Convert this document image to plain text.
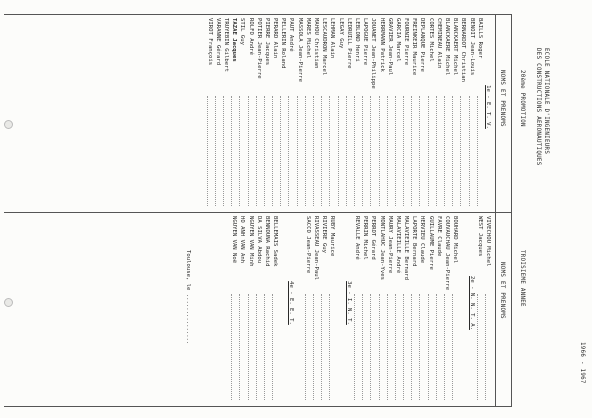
ECOLE NATIONALE D'INGENIEURS
DES CONSTRUCTIONS AERONAUTIQUES
20ème PROMOTION
TROISIEME ANNEE
1966 - 1967
NOMS ET PRENOMS
NOMS ET PRENOMS
1e - E. T. V.
BAILLS Roger
BENOIT Jean-Louis
BERNARDOT Christian
BLANCKAERT Michel
BLANCKAERE Michel
CHEMINEAU Alain
CORTES Michel
DEPLANQUE Pierre
FREINKEIR Maurice
FOURNIE Pierre
GARCIA Marcel
GRAVIER Jean-Paul
HERRMANN Patrick
JOUANET Jean-Philippe
LAPOGUE Pierre
LEBLOND Henri
LEDRUILL Pierre
LEGAY Guy
LEHMAN Alain
LESCAUDRON Marcel
MAHOU Christian
MARES Michel
MASSOLA Jean-Pierre
PAUT André
PELLERIN Roland
PERARD Alain
PIERRE Jacques
POTIER Jean-Pierre
ROLFO André
STIL Guy
TAZAE Jacques
TRUYEBIN Gilbert
VARANNE Gérard
VIROT François
VIVECHOU Michel
WEST Jacques
2e - N. N. T. A.
BOUHARD Michel
COUVAUCHAU Jean-Pierre
FAVRE Claude
GUILLAUME Pierre
HERVIEU Claude
LAPORTE Bernard
MALAVIEILLE Bernard
MALAVIEILLE André
MAURY Jean-Pierre
MONTLAHUC Jean-Yves
PERROT Gérard
PERRIN Michel
REVALLE André
3e - I. N. T.
RUBY Maurice
RIVIERE Guy
RIVASSEAU Jean-Paul
SACCO Jean-Pierre
4e - E. E. T.
BELLEMAIS Sadek
BENNOUNA Rachid
DA SILVA Abdou
NGUYEN VAN Minh
HO ANH VAN Anh
NGUYEN VAN Noë
Toulouse, le ...............
